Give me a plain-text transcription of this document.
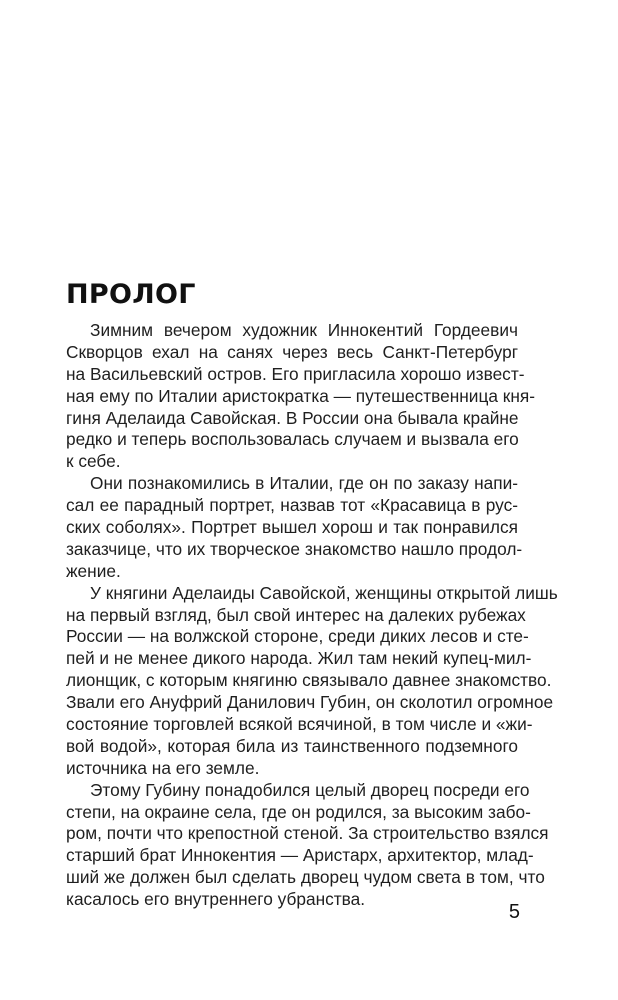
ПРОЛОГ

Зимним вечером художник Иннокентий Гордеевич
Скворцов ехал на санях через весь Санкт-Петербург
на Васильевский остров. Его пригласила хорошо извест-
ная ему по Италии аристократка — путешественница кня-
гиня Аделаида Савойская. В России она бывала крайне
редко и теперь воспользовалась случаем и вызвала его
к себе.

Они познакомились в Италии, где он по заказу напи-
сал ее парадный портрет, назвав тот «Красавица в рус-
ских соболях». Портрет вышел хорош и так понравился
заказчице, что их творческое знакомство нашло продол-
жение.

У княгини Аделаиды Савойской, женщины открытой лишь
на первый взгляд, был свой интерес на далеких рубежах
России — на волжской стороне, среди диких лесов и сте-
пей и не менее дикого народа. Жил там некий купец-мил-
лионщик, с которым княгиню связывало давнее знакомство.
Звали его Ануфрий Данилович Губин, он сколотил огромное
состояние торговлей всякой всячиной, в том числе и «жи-
вой водой», которая била из таинственного подземного
источника на его земле.

Этому Губину понадобился целый дворец посреди его
степи, на окраине села, где он родился, за высоким забо-
ром, почти что крепостной стеной. За строительство взялся
старший брат Иннокентия — Аристарх, архитектор, млад-
ший же должен был сделать дворец чудом света в том, что
касалось его внутреннего убранства.

5
